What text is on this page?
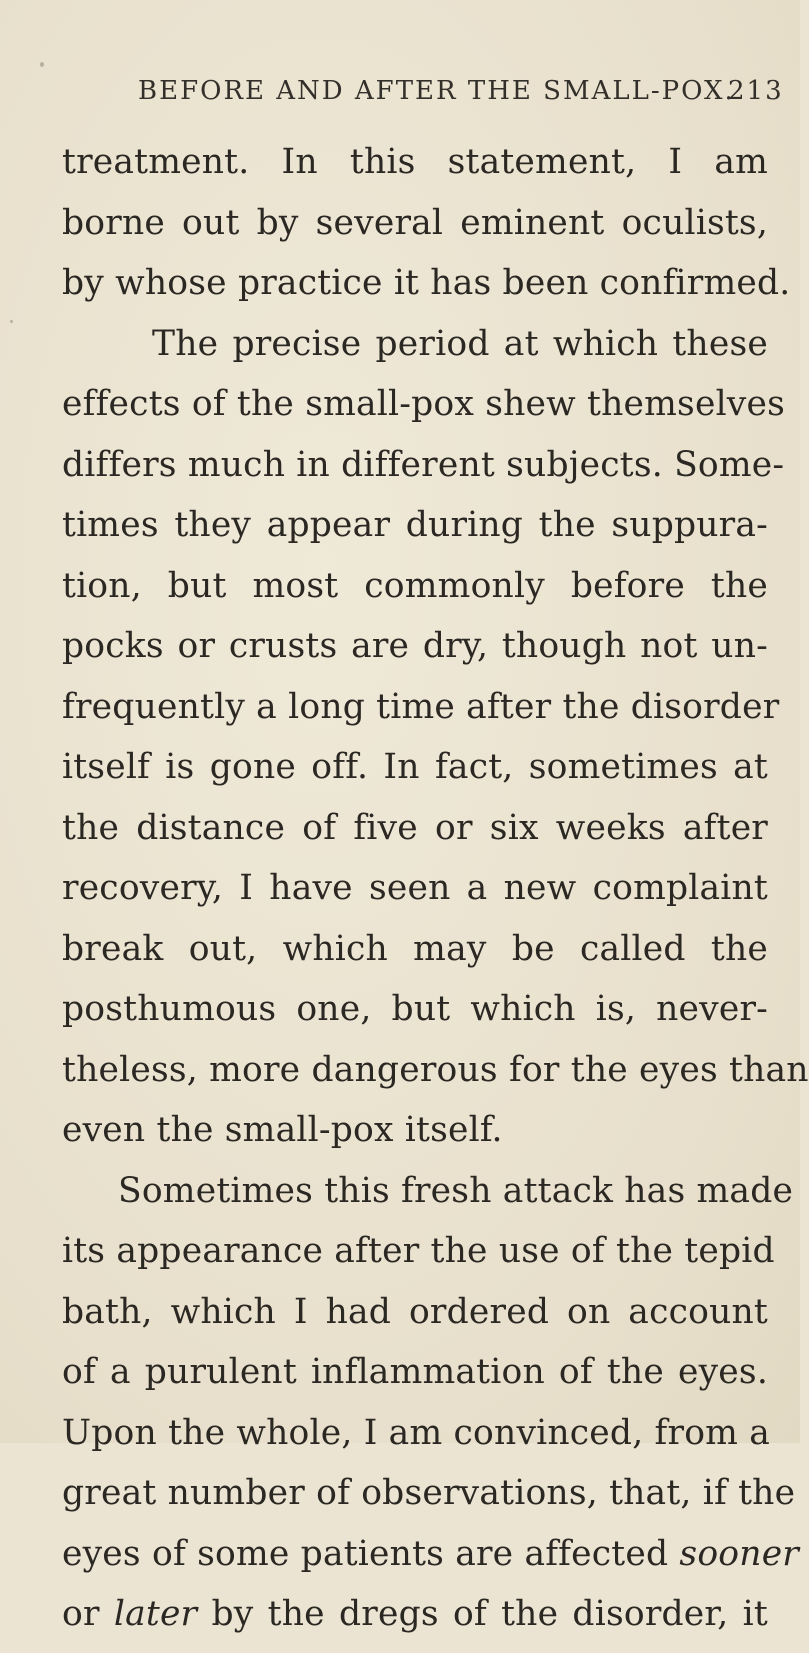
BEFORE AND AFTER THE SMALL-POX.
213
treatment. In this statement, I am
borne out by several eminent oculists,
by whose practice it has been confirmed.
The precise period at which these
effects of the small-pox shew themselves
differs much in different subjects. Some-
times they appear during the suppura-
tion, but most commonly before the
pocks or crusts are dry, though not un-
frequently a long time after the disorder
itself is gone off. In fact, sometimes at
the distance of five or six weeks after
recovery, I have seen a new complaint
break out, which may be called the
posthumous one, but which is, never-
theless, more dangerous for the eyes than
even the small-pox itself.
Sometimes this fresh attack has made
its appearance after the use of the tepid
bath, which I had ordered on account
of a purulent inflammation of the eyes.
Upon the whole, I am convinced, from a
great number of observations, that, if the
eyes of some patients are affected sooner
or later by the dregs of the disorder, it
